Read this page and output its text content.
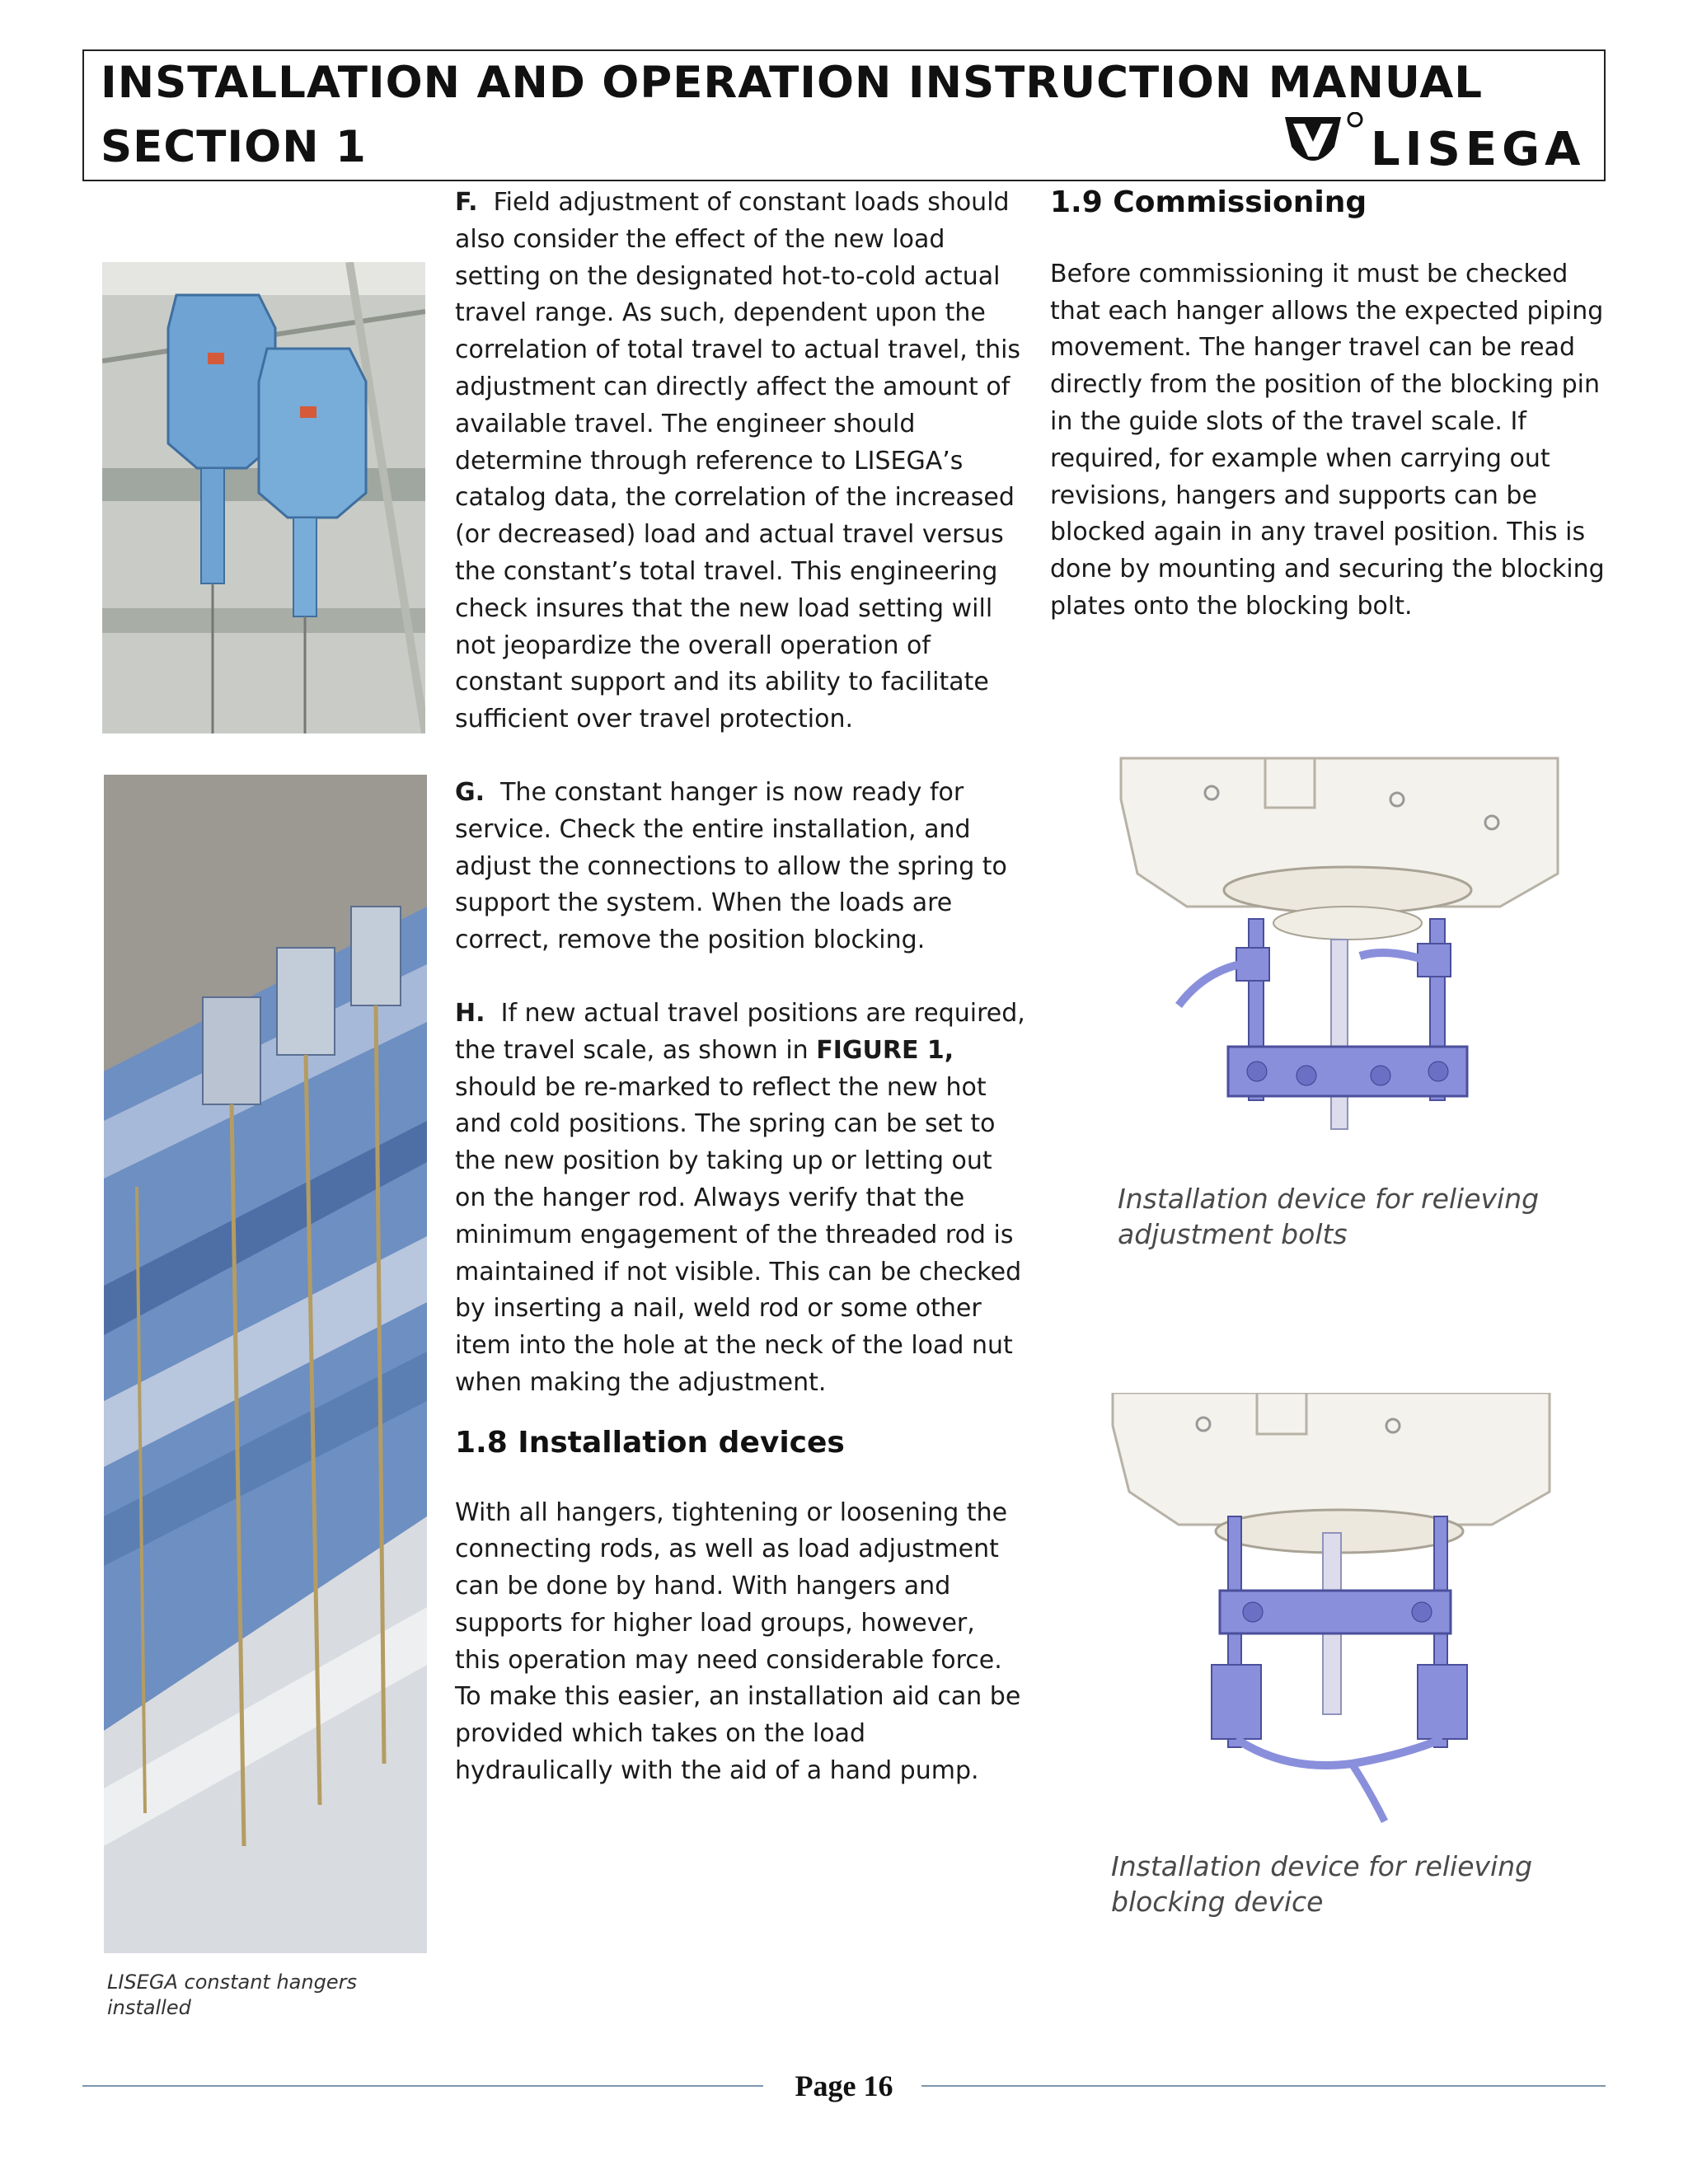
INSTALLATION AND OPERATION INSTRUCTION MANUAL
SECTION 1	LISEGA

LISEGA constant hangers installed

F. Field adjustment of constant loads should also consider the effect of the new load setting on the designated hot-to-cold actual travel range. As such, dependent upon the correlation of total travel to actual travel, this adjustment can directly affect the amount of available travel. The engineer should determine through reference to LISEGA’s catalog data, the correlation of the increased (or decreased) load and actual travel versus the constant’s total travel. This engineering check insures that the new load setting will not jeopardize the overall operation of constant support and its ability to facilitate sufficient over travel protection.

G. The constant hanger is now ready for service. Check the entire installation, and adjust the connections to allow the spring to support the system. When the loads are correct, remove the position blocking.

H. If new actual travel positions are required, the travel scale, as shown in FIGURE 1, should be re-marked to reflect the new hot and cold positions. The spring can be set to the new position by taking up or letting out on the hanger rod. Always verify that the minimum engagement of the threaded rod is maintained if not visible. This can be checked by inserting a nail, weld rod or some other item into the hole at the neck of the load nut when making the adjustment.

1.8 Installation devices

With all hangers, tightening or loosening the connecting rods, as well as load adjustment can be done by hand. With hangers and supports for higher load groups, however, this operation may need considerable force. To make this easier, an installation aid can be provided which takes on the load hydraulically with the aid of a hand pump.

1.9 Commissioning

Before commissioning it must be checked that each hanger allows the expected piping movement. The hanger travel can be read directly from the position of the blocking pin in the guide slots of the travel scale. If required, for example when carrying out revisions, hangers and supports can be blocked again in any travel position. This is done by mounting and securing the blocking plates onto the blocking bolt.

Installation device for relieving adjustment bolts

Installation device for relieving blocking device

Page 16
